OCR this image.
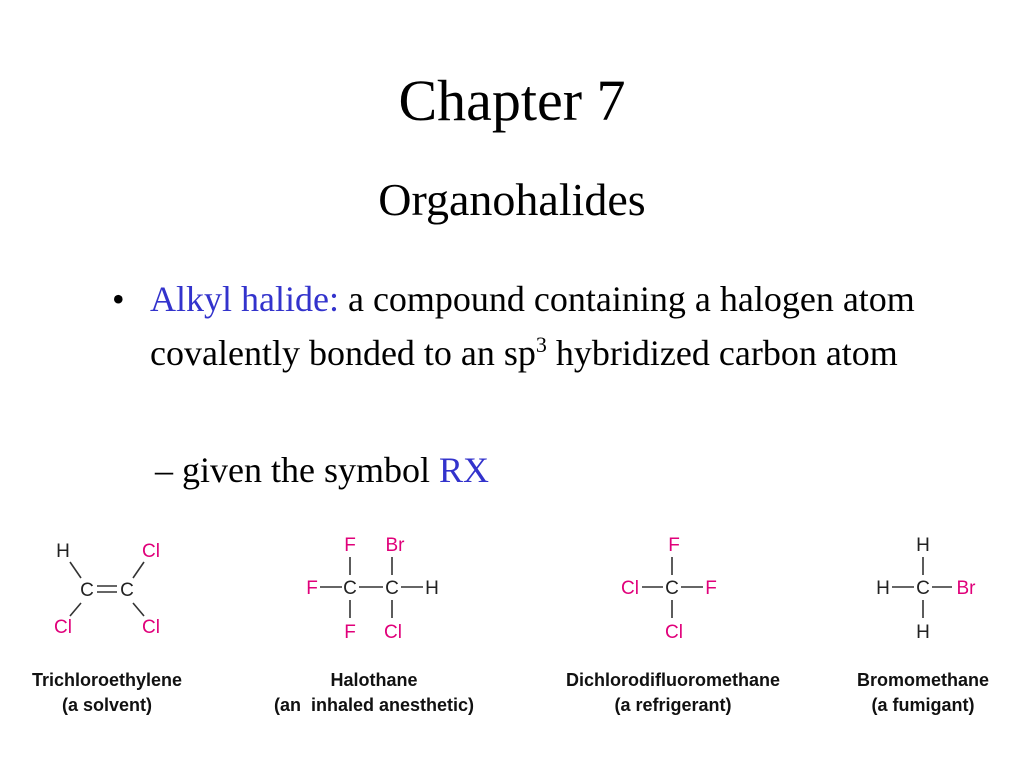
Chapter 7
Organohalides
• Alkyl halide: a compound containing a halogen atom covalently bonded to an $sp^3$ hybridized carbon atom
– given the symbol RX
H	Cl
C C
Cl	Cl
F Br
F C C H
F Cl
F
Cl C F
Cl
H
H C Br
H
Trichloroethylene
(a solvent)
Halothane
(an  inhaled anesthetic)
Dichlorodifluoromethane
(a refrigerant)
Bromomethane
(a fumigant)
